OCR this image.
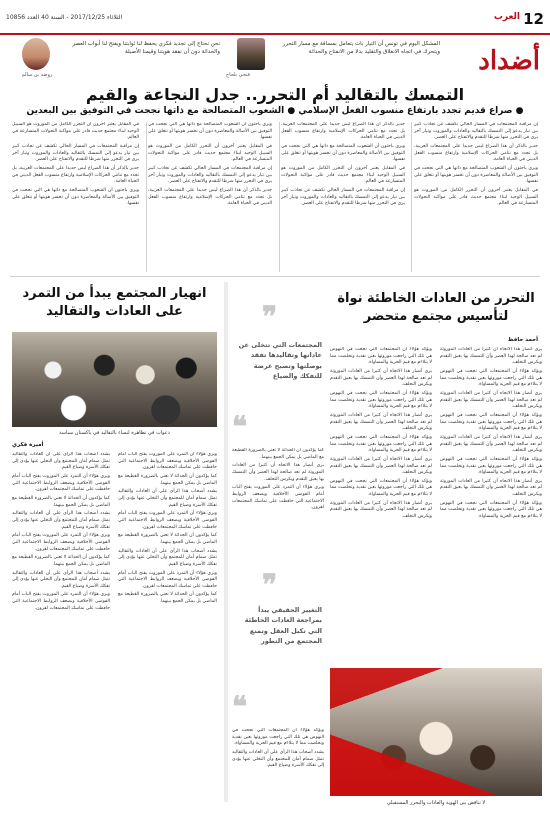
12
العرب
الثلاثاء 2017/12/25 - السنة 40 العدد 10856
أضداد
المشكل اليوم في تونس أن التيار بات يتعامل بمسافة مع مسار التحرر ويتحرك في اتجاه الانغلاق والتقليد بدلا من الانفتاح والحداثة
فتحي بلحاج
نحن نحتاج إلى تجديد فكري يحفظ لنا ثوابتنا ويفتح لنا أبواب العصر والحداثة دون أن نفقد هويتنا وقيمنا الأصيلة
روضة بن سالم
التمسك بالتقاليد أم التحرر.. جدل النجاعة والقيم
● صراع قديم تجدد بارتفاع منسوب الفعل الإسلامي ● الشعوب المتصالحة مع ذاتها نجحت في التوفيق بين البعدين

إن مراقبة المجتمعات في المسار الحالي تكشف عن تجاذب كبير بين تيار يدعو إلى التمسك بالتقاليد والعادات والموروث وتيار آخر يرى في التحرر منها شرطا للتقدم والانفتاح على العصر.

جدير بالذكر أن هذا الصراع ليس جديدا على المجتمعات العربية، بل تجدد مع تنامي الحركات الإسلامية وارتفاع منسوب الفعل الديني في الحياة العامة.

ويرى باحثون أن الشعوب المتصالحة مع ذاتها هي التي نجحت في التوفيق بين الأصالة والمعاصرة دون أن تخسر هويتها أو تنغلق على نفسها.

في المقابل يعتبر آخرون أن التحرر الكامل من الموروث هو السبيل الوحيد لبناء مجتمع حديث قادر على مواكبة التحولات المتسارعة في العالم.

جدير بالذكر أن هذا الصراع ليس جديدا على المجتمعات العربية، بل تجدد مع تنامي الحركات الإسلامية وارتفاع منسوب الفعل الديني في الحياة العامة.

ويرى باحثون أن الشعوب المتصالحة مع ذاتها هي التي نجحت في التوفيق بين الأصالة والمعاصرة دون أن تخسر هويتها أو تنغلق على نفسها.

في المقابل يعتبر آخرون أن التحرر الكامل من الموروث هو السبيل الوحيد لبناء مجتمع حديث قادر على مواكبة التحولات المتسارعة في العالم.

إن مراقبة المجتمعات في المسار الحالي تكشف عن تجاذب كبير بين تيار يدعو إلى التمسك بالتقاليد والعادات والموروث وتيار آخر يرى في التحرر منها شرطا للتقدم والانفتاح على العصر.

ويرى باحثون أن الشعوب المتصالحة مع ذاتها هي التي نجحت في التوفيق بين الأصالة والمعاصرة دون أن تخسر هويتها أو تنغلق على نفسها.

في المقابل يعتبر آخرون أن التحرر الكامل من الموروث هو السبيل الوحيد لبناء مجتمع حديث قادر على مواكبة التحولات المتسارعة في العالم.

إن مراقبة المجتمعات في المسار الحالي تكشف عن تجاذب كبير بين تيار يدعو إلى التمسك بالتقاليد والعادات والموروث وتيار آخر يرى في التحرر منها شرطا للتقدم والانفتاح على العصر.

جدير بالذكر أن هذا الصراع ليس جديدا على المجتمعات العربية، بل تجدد مع تنامي الحركات الإسلامية وارتفاع منسوب الفعل الديني في الحياة العامة.

في المقابل يعتبر آخرون أن التحرر الكامل من الموروث هو السبيل الوحيد لبناء مجتمع حديث قادر على مواكبة التحولات المتسارعة في العالم.

إن مراقبة المجتمعات في المسار الحالي تكشف عن تجاذب كبير بين تيار يدعو إلى التمسك بالتقاليد والعادات والموروث وتيار آخر يرى في التحرر منها شرطا للتقدم والانفتاح على العصر.

جدير بالذكر أن هذا الصراع ليس جديدا على المجتمعات العربية، بل تجدد مع تنامي الحركات الإسلامية وارتفاع منسوب الفعل الديني في الحياة العامة.

ويرى باحثون أن الشعوب المتصالحة مع ذاتها هي التي نجحت في التوفيق بين الأصالة والمعاصرة دون أن تخسر هويتها أو تنغلق على نفسها.

انهيار المجتمع يبدأ من التمرد على العادات والتقاليد
دعوات في تظاهرة لنساء بالتقاليد في باكستان سياسة
أميرة فكري

يشدد أصحاب هذا الرأي على أن العادات والتقاليد تمثل صمام أمان للمجتمع وأن التخلي عنها يؤدي إلى تفكك الأسرة وضياع القيم.

ويرى هؤلاء أن التمرد على الموروث يفتح الباب أمام الفوضى الأخلاقية ويضعف الروابط الاجتماعية التي حافظت على تماسك المجتمعات لقرون.

كما يؤكدون أن الحداثة لا تعني بالضرورة القطيعة مع الماضي بل يمكن الجمع بينهما.

يشدد أصحاب هذا الرأي على أن العادات والتقاليد تمثل صمام أمان للمجتمع وأن التخلي عنها يؤدي إلى تفكك الأسرة وضياع القيم.

ويرى هؤلاء أن التمرد على الموروث يفتح الباب أمام الفوضى الأخلاقية ويضعف الروابط الاجتماعية التي حافظت على تماسك المجتمعات لقرون.

كما يؤكدون أن الحداثة لا تعني بالضرورة القطيعة مع الماضي بل يمكن الجمع بينهما.

يشدد أصحاب هذا الرأي على أن العادات والتقاليد تمثل صمام أمان للمجتمع وأن التخلي عنها يؤدي إلى تفكك الأسرة وضياع القيم.

ويرى هؤلاء أن التمرد على الموروث يفتح الباب أمام الفوضى الأخلاقية ويضعف الروابط الاجتماعية التي حافظت على تماسك المجتمعات لقرون.

ويرى هؤلاء أن التمرد على الموروث يفتح الباب أمام الفوضى الأخلاقية ويضعف الروابط الاجتماعية التي حافظت على تماسك المجتمعات لقرون.

كما يؤكدون أن الحداثة لا تعني بالضرورة القطيعة مع الماضي بل يمكن الجمع بينهما.

يشدد أصحاب هذا الرأي على أن العادات والتقاليد تمثل صمام أمان للمجتمع وأن التخلي عنها يؤدي إلى تفكك الأسرة وضياع القيم.

ويرى هؤلاء أن التمرد على الموروث يفتح الباب أمام الفوضى الأخلاقية ويضعف الروابط الاجتماعية التي حافظت على تماسك المجتمعات لقرون.

كما يؤكدون أن الحداثة لا تعني بالضرورة القطيعة مع الماضي بل يمكن الجمع بينهما.

يشدد أصحاب هذا الرأي على أن العادات والتقاليد تمثل صمام أمان للمجتمع وأن التخلي عنها يؤدي إلى تفكك الأسرة وضياع القيم.

ويرى هؤلاء أن التمرد على الموروث يفتح الباب أمام الفوضى الأخلاقية ويضعف الروابط الاجتماعية التي حافظت على تماسك المجتمعات لقرون.

كما يؤكدون أن الحداثة لا تعني بالضرورة القطيعة مع الماضي بل يمكن الجمع بينهما.

❞
المجتمعات التي تتخلى عن عاداتها وتقاليدها تفقد بوصلتها وتصبح عرضة للتفكك والضياع
❝

كما يؤكدون أن الحداثة لا تعني بالضرورة القطيعة مع الماضي بل يمكن الجمع بينهما.

يرى أنصار هذا الاتجاه أن كثيرا من العادات الموروثة لم تعد صالحة لهذا العصر وأن التمسك بها يعيق التقدم ويكرس التخلف.

ويرى هؤلاء أن التمرد على الموروث يفتح الباب أمام الفوضى الأخلاقية ويضعف الروابط الاجتماعية التي حافظت على تماسك المجتمعات لقرون.

❞
التغيير الحقيقي يبدأ بمراجعة العادات الخاطئة التي تكبل العقل وتمنع المجتمع من التطور
❝

ويؤكد هؤلاء أن المجتمعات التي نجحت في النهوض هي تلك التي راجعت موروثها بعين نقدية وتخلصت مما لا يتلاءم مع قيم الحرية والمساواة.

يشدد أصحاب هذا الرأي على أن العادات والتقاليد تمثل صمام أمان للمجتمع وأن التخلي عنها يؤدي إلى تفكك الأسرة وضياع القيم.

التحرر من العادات الخاطئة نواة لتأسيس مجتمع متحضر
أحمد حافظ

يرى أنصار هذا الاتجاه أن كثيرا من العادات الموروثة لم تعد صالحة لهذا العصر وأن التمسك بها يعيق التقدم ويكرس التخلف.

ويؤكد هؤلاء أن المجتمعات التي نجحت في النهوض هي تلك التي راجعت موروثها بعين نقدية وتخلصت مما لا يتلاءم مع قيم الحرية والمساواة.

يرى أنصار هذا الاتجاه أن كثيرا من العادات الموروثة لم تعد صالحة لهذا العصر وأن التمسك بها يعيق التقدم ويكرس التخلف.

ويؤكد هؤلاء أن المجتمعات التي نجحت في النهوض هي تلك التي راجعت موروثها بعين نقدية وتخلصت مما لا يتلاءم مع قيم الحرية والمساواة.

يرى أنصار هذا الاتجاه أن كثيرا من العادات الموروثة لم تعد صالحة لهذا العصر وأن التمسك بها يعيق التقدم ويكرس التخلف.

ويؤكد هؤلاء أن المجتمعات التي نجحت في النهوض هي تلك التي راجعت موروثها بعين نقدية وتخلصت مما لا يتلاءم مع قيم الحرية والمساواة.

يرى أنصار هذا الاتجاه أن كثيرا من العادات الموروثة لم تعد صالحة لهذا العصر وأن التمسك بها يعيق التقدم ويكرس التخلف.

ويؤكد هؤلاء أن المجتمعات التي نجحت في النهوض هي تلك التي راجعت موروثها بعين نقدية وتخلصت مما لا يتلاءم مع قيم الحرية والمساواة.

ويؤكد هؤلاء أن المجتمعات التي نجحت في النهوض هي تلك التي راجعت موروثها بعين نقدية وتخلصت مما لا يتلاءم مع قيم الحرية والمساواة.

يرى أنصار هذا الاتجاه أن كثيرا من العادات الموروثة لم تعد صالحة لهذا العصر وأن التمسك بها يعيق التقدم ويكرس التخلف.

ويؤكد هؤلاء أن المجتمعات التي نجحت في النهوض هي تلك التي راجعت موروثها بعين نقدية وتخلصت مما لا يتلاءم مع قيم الحرية والمساواة.

يرى أنصار هذا الاتجاه أن كثيرا من العادات الموروثة لم تعد صالحة لهذا العصر وأن التمسك بها يعيق التقدم ويكرس التخلف.

ويؤكد هؤلاء أن المجتمعات التي نجحت في النهوض هي تلك التي راجعت موروثها بعين نقدية وتخلصت مما لا يتلاءم مع قيم الحرية والمساواة.

يرى أنصار هذا الاتجاه أن كثيرا من العادات الموروثة لم تعد صالحة لهذا العصر وأن التمسك بها يعيق التقدم ويكرس التخلف.

ويؤكد هؤلاء أن المجتمعات التي نجحت في النهوض هي تلك التي راجعت موروثها بعين نقدية وتخلصت مما لا يتلاءم مع قيم الحرية والمساواة.

يرى أنصار هذا الاتجاه أن كثيرا من العادات الموروثة لم تعد صالحة لهذا العصر وأن التمسك بها يعيق التقدم ويكرس التخلف.

لا تناقض بين الهوية والعادات والتحرر المستقبلي
